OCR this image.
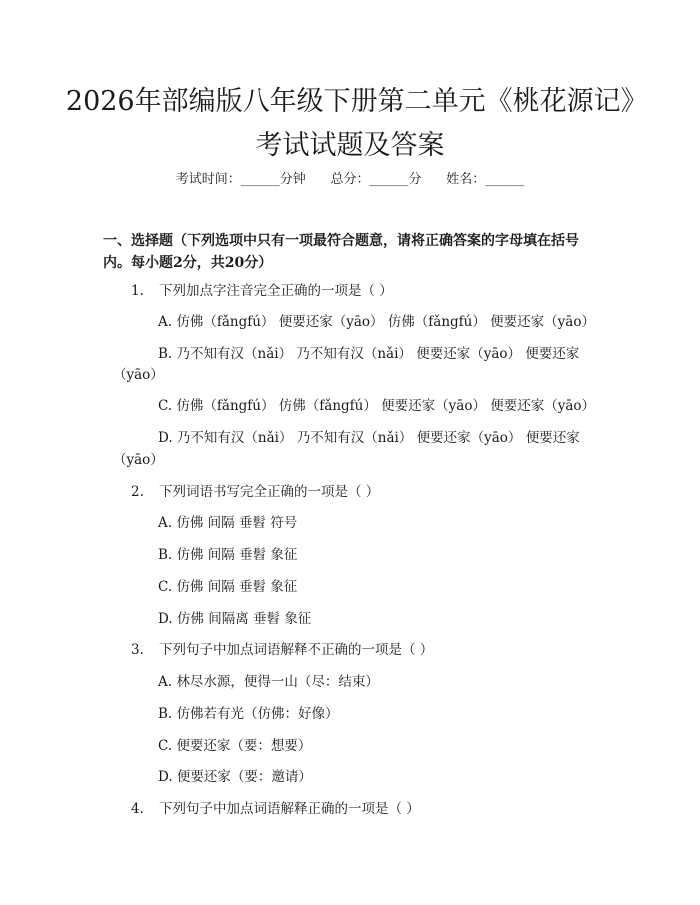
2026年部编版八年级下册第二单元《桃花源记》考试试题及答案
考试时间：______分钟      总分：______分      姓名：______
一、选择题（下列选项中只有一项最符合题意，请将正确答案的字母填在括号内。每小题2分，共20分）
1. 下列加点字注音完全正确的一项是（ ）
A. 仿佛（fǎngfú） 便要还家（yāo） 仿佛（fǎngfú） 便要还家（yāo）
B. 乃不知有汉（nǎi） 乃不知有汉（nǎi） 便要还家（yāo） 便要还家
（yāo）
C. 仿佛（fǎngfú） 仿佛（fǎngfú） 便要还家（yāo） 便要还家（yāo）
D. 乃不知有汉（nǎi） 乃不知有汉（nǎi） 便要还家（yāo） 便要还家
（yāo）
2. 下列词语书写完全正确的一项是（ ）
A. 仿佛 间隔 垂髫 符号
B. 仿佛 间隔 垂髫 象征
C. 仿佛 间隔 垂髫 象征
D. 仿佛 间隔离 垂髫 象征
3. 下列句子中加点词语解释不正确的一项是（ ）
A. 林尽水源，便得一山（尽：结束）
B. 仿佛若有光（仿佛：好像）
C. 便要还家（要：想要）
D. 便要还家（要：邀请）
4. 下列句子中加点词语解释正确的一项是（ ）
